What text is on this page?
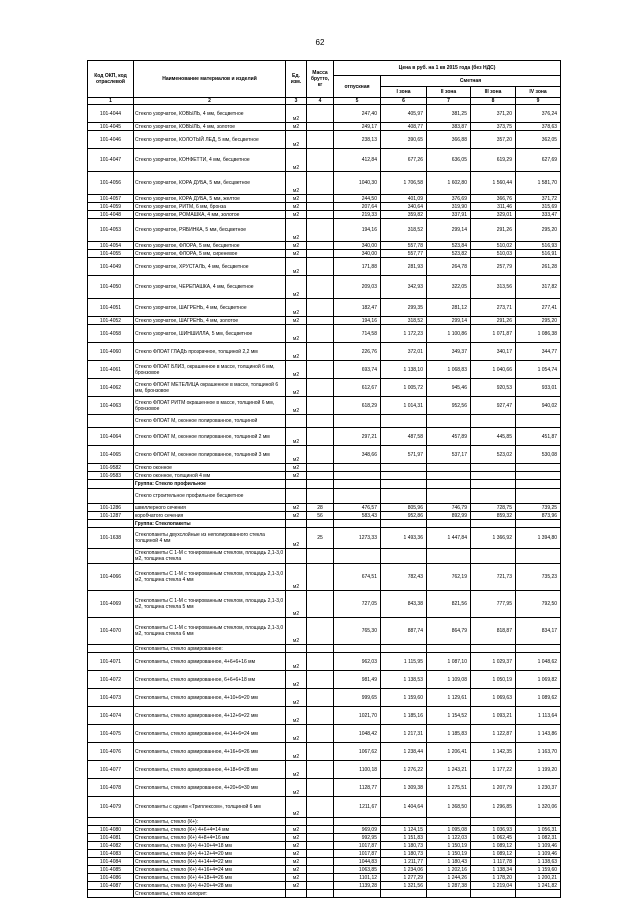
62
Код ОКП, код отраслевой	Наименование материалов и изделий	Ед. изм.	Масса брутто, кг	Цена в руб. на 1 кв 2015 года (без НДС)				
				отпускная	Сметная			
					I зона	II зона	III зона	IV зона
1	2	3	4	5	6	7	8	9
101-4044	Стекло узорчатое, КОВЫЛЬ, 4 мм, бесцветное	м2		247,40	405,97	381,25	371,20	376,24
101-4045	Стекло узорчатое, КОВЫЛЬ, 4 мм, золотое	м2		249,17	408,77	383,87	373,75	378,63
101-4046	Стекло узорчатое, КОЛОТЫЙ ЛЕД, 5 мм, бесцветное	м2		238,13	390,65	366,88	357,20	362,05
101-4047	Стекло узорчатое, КОНФЕТТИ, 4 мм, бесцветное	м2		412,84	677,26	636,05	619,29	627,69
101-4056	Стекло узорчатое, КОРА ДУБА, 5 мм, бесцветное	м2		1040,30	1 706,58	1 602,80	1 560,44	1 581,70
101-4057	Стекло узорчатое, КОРА ДУБА, 5 мм, желтое	м2		244,50	401,09	376,69	366,76	371,72
101-4059	Стекло узорчатое, РИТМ, 6 мм, бронза	м2		207,64	340,64	319,90	311,46	315,69
101-4048	Стекло узорчатое, РОМАШКА, 4 мм, золотое	м2		219,33	359,82	337,91	329,01	333,47
101-4053	Стекло узорчатое, РЯБИНКА, 5 мм, бесцветное	м2		194,16	318,52	299,14	291,26	295,20
101-4054	Стекло узорчатое, ФЛОРА, 5 мм, бесцветное	м2		340,00	557,78	523,84	510,02	516,93
101-4055	Стекло узорчатое, ФЛОРА, 5 мм, сиреневое	м2		340,00	557,77	523,82	510,03	516,91
101-4049	Стекло узорчатое, ХРУСТАЛЬ, 4 мм, бесцветное	м2		171,88	281,93	264,78	257,79	261,28
101-4050	Стекло узорчатое, ЧЕРЕПАШКА, 4 мм, бесцветное	м2		209,03	342,93	322,05	313,56	317,82
101-4051	Стекло узорчатое, ШАГРЕНЬ, 4 мм, бесцветное	м2		182,47	299,35	281,12	273,71	277,41
101-4052	Стекло узорчатое, ШАГРЕНЬ, 4 мм, золотое	м2		194,16	318,52	299,14	291,26	295,20
101-4058	Стекло узорчатое, ШИНШИЛЛА, 5 мм, бесцветное	м2		714,58	1 172,23	1 100,86	1 071,87	1 086,38
101-4060	Стекло ФЛОАТ ГЛАДЬ прозрачное, толщиной 2,2 мм	м2		226,76	372,01	349,37	340,17	344,77
101-4061	Стекло ФЛОАТ БЛИЗ, окрашенное в массе, толщиной 6 мм, бронзовое	м2		693,74	1 138,10	1 068,83	1 040,66	1 054,74
101-4062	Стекло ФЛОАТ МЕТЕЛИЦА окрашенное в массе, толщиной 6 мм, бронзовое	м2		612,67	1 005,72	945,46	920,53	933,01
101-4063	Стекло ФЛОАТ РИТМ окрашенное в массе, толщиной 6 мм, бронзовое	м2		618,29	1 014,31	952,56	927,47	940,02
	Стекло ФЛОАТ М, оконное полированное, толщиной							
101-4064	Стекло ФЛОАТ М, оконное полированное, толщиной 2 мм	м2		297,21	487,58	457,89	445,85	451,87
101-4065	Стекло ФЛОАТ М, оконное полированное, толщиной 3 мм	м2		348,66	571,97	537,17	523,02	530,08
101-9582	Стекло оконное	м2						
101-9583	Стекло оконное, толщиной 4 мм	м2						
	Группа: Стекло профильное							
	Стекло строительное профильное бесцветное							
101-1286	швеллерного сечения	м2	28	476,57	805,96	746,79	728,75	739,25
101-1287	коробчатого сечения	м2	56	583,43	952,86	892,99	859,32	873,96
	Группа: Стеклопакеты							
101-1638	Стеклопакеты двухслойные из неполированного стекла толщиной 4 мм	м2	25	1273,33	1 493,36	1 447,84	1 366,92	1 394,80
	Стеклопакеты С 1-М с тонированным стеклом, площадь 2,1-3,0 м2, толщина стекла							
101-4066	Стеклопакеты С 1-М с тонированным стеклом, площадь 2,1-3,0 м2, толщина стекла 4 мм	м2		674,51	782,43	762,19	721,73	735,23
101-4069	Стеклопакеты С 1-М с тонированным стеклом, площадь 2,1-3,0 м2, толщина стекла 5 мм	м2		727,05	843,38	821,56	777,95	792,50
101-4070	Стеклопакеты С 1-М с тонированным стеклом, площадь 2,1-3,0 м2, толщина стекла 6 мм	м2		765,30	887,74	864,79	818,87	834,17
	Стеклопакеты, стекло армированное:							
101-4071	Стеклопакеты, стекло армированное, 4+6+6+16 мм	м2		962,03	1 115,95	1 087,10	1 029,37	1 048,62
101-4072	Стеклопакеты, стекло армированное, 6+6+6+18 мм	м2		981,49	1 138,53	1 109,08	1 050,19	1 069,82
101-4073	Стеклопакеты, стекло армированное, 4+10+6=20 мм	м2		999,65	1 159,60	1 129,61	1 069,63	1 089,62
101-4074	Стеклопакеты, стекло армированное, 4+12+6=22 мм	м2		1021,70	1 185,16	1 154,52	1 093,21	1 113,64
101-4075	Стеклопакеты, стекло армированное, 4+14+6=24 мм	м2		1048,42	1 217,31	1 185,83	1 122,87	1 143,86
101-4076	Стеклопакеты, стекло армированное, 4+16+6=26 мм	м2		1067,62	1 238,44	1 206,41	1 142,35	1 163,70
101-4077	Стеклопакеты, стекло армированное, 4+18+6=28 мм	м2		1100,18	1 276,22	1 243,21	1 177,22	1 199,20
101-4078	Стеклопакеты, стекло армированное, 4+20+6=30 мм	м2		1128,77	1 309,38	1 275,51	1 207,79	1 230,37
101-4079	Стеклопакеты с одним «Триплексом», толщиной 6 мм	м2		1211,67	1 404,64	1 368,50	1 296,85	1 320,06
	Стеклопакеты, стекло (К+):							
101-4080	Стеклопакеты, стекло (К+) 4+6+4=14 мм	м2		969,09	1 124,15	1 095,08	1 036,93	1 056,31
101-4081	Стеклопакеты, стекло (К+) 4+8+4=16 мм	м2		992,95	1 151,83	1 122,03	1 062,45	1 082,31
101-4082	Стеклопакеты, стекло (К+) 4+10+4=18 мм	м2		1017,87	1 180,73	1 150,19	1 089,12	1 109,46
101-4083	Стеклопакеты, стекло (К+) 4+12+4=20 мм	м2		1017,87	1 180,73	1 150,19	1 089,12	1 109,46
101-4084	Стеклопакеты, стекло (К+) 4+14+4=22 мм	м2		1044,83	1 211,77	1 180,43	1 117,78	1 138,63
101-4085	Стеклопакеты, стекло (К+) 4+16+4=24 мм	м2		1063,85	1 234,06	1 202,16	1 138,34	1 159,60
101-4086	Стеклопакеты, стекло (К+) 4+18+4=26 мм	м2		1101,12	1 277,29	1 244,26	1 178,20	1 200,21
101-4087	Стеклопакеты, стекло (К+) 4+20+4=28 мм	м2		1139,28	1 321,56	1 287,38	1 219,04	1 241,82
	Стеклопакеты, стекло колорит:							
